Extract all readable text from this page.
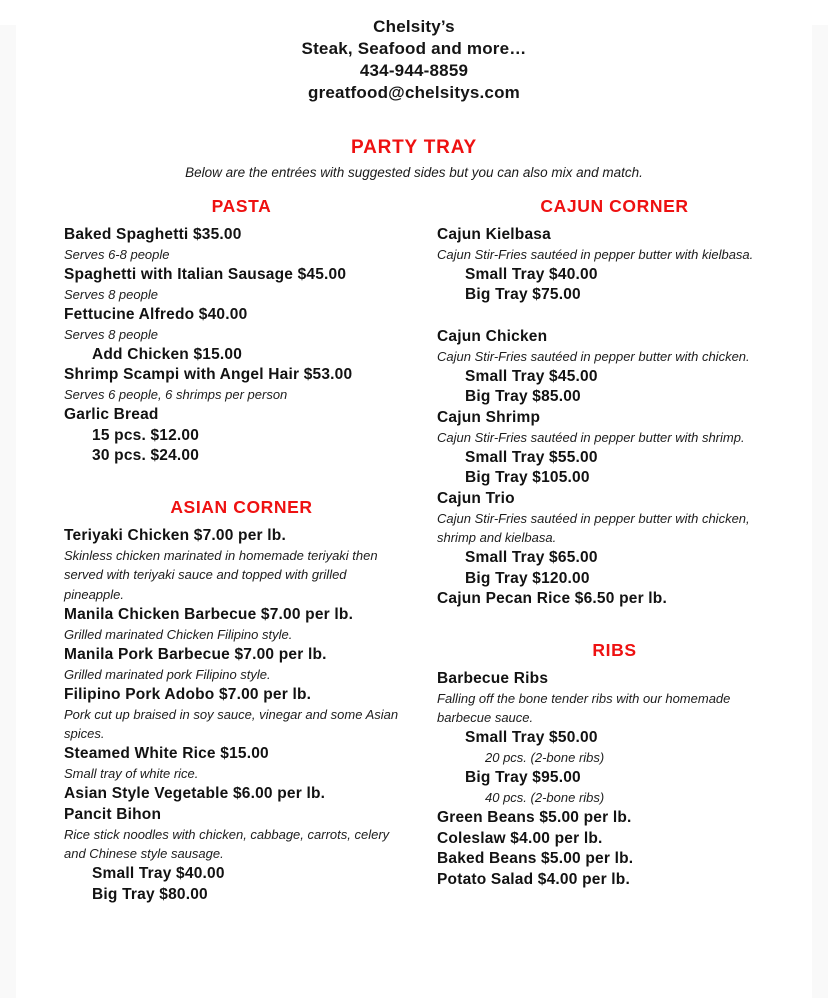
Chelsity’s
Steak, Seafood and more…
434-944-8859
greatfood@chelsitys.com
PARTY TRAY
Below are the entrées with suggested sides but you can also mix and match.
PASTA
Baked Spaghetti $35.00
Serves 6-8 people
Spaghetti with Italian Sausage $45.00
Serves 8 people
Fettucine Alfredo $40.00
Serves 8 people
Add Chicken $15.00
Shrimp Scampi with Angel Hair $53.00
Serves 6 people, 6 shrimps per person
Garlic Bread
15 pcs. $12.00
30 pcs. $24.00
ASIAN CORNER
Teriyaki Chicken $7.00 per lb.
Skinless chicken marinated in homemade teriyaki then
served with teriyaki sauce and topped with grilled
pineapple.
Manila Chicken Barbecue $7.00 per lb.
Grilled marinated Chicken Filipino style.
Manila Pork Barbecue $7.00 per lb.
Grilled marinated pork Filipino style.
Filipino Pork Adobo $7.00 per lb.
Pork cut up braised in soy sauce, vinegar and some Asian
spices.
Steamed White Rice $15.00
Small tray of white rice.
Asian Style Vegetable $6.00 per lb.
Pancit Bihon
Rice stick noodles with chicken, cabbage, carrots, celery
and Chinese style sausage.
Small Tray $40.00
Big Tray $80.00
CAJUN CORNER
Cajun Kielbasa
Cajun Stir-Fries sautéed in pepper butter with kielbasa.
Small Tray $40.00
Big Tray $75.00
Cajun Chicken
Cajun Stir-Fries sautéed in pepper butter with chicken.
Small Tray $45.00
Big Tray $85.00
Cajun Shrimp
Cajun Stir-Fries sautéed in pepper butter with shrimp.
Small Tray $55.00
Big Tray $105.00
Cajun Trio
Cajun Stir-Fries sautéed in pepper butter with chicken,
shrimp and kielbasa.
Small Tray $65.00
Big Tray $120.00
Cajun Pecan Rice $6.50 per lb.
RIBS
Barbecue Ribs
Falling off the bone tender ribs with our homemade
barbecue sauce.
Small Tray $50.00
20 pcs. (2-bone ribs)
Big Tray $95.00
40 pcs. (2-bone ribs)
Green Beans $5.00 per lb.
Coleslaw $4.00 per lb.
Baked Beans $5.00 per lb.
Potato Salad $4.00 per lb.
